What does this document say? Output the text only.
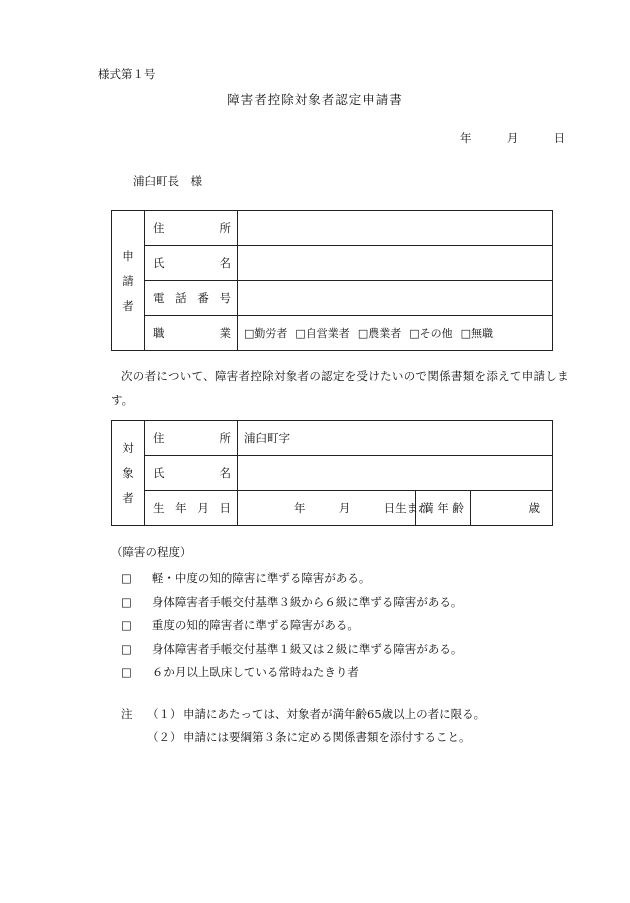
様式第１号
障害者控除対象者認定申請書
年	月	日
浦臼町長　様
申
請
者	住 所	

	氏 名	

	電 話 番 号	

	職 業	□勤労者 □自営業者 □農業者 □その他 □無職
次の者について、障害者控除対象者の認定を受けたいので関係書類を添えて申請しま
す。
対
象
者	住 所	浦臼町字		

	氏 名			

	生 年 月 日	年 月 日生まれ	満 年 齢	歳
（障害の程度）
□ 軽・中度の知的障害に準ずる障害がある。
□ 身体障害者手帳交付基準３級から６級に準ずる障害がある。
□ 重度の知的障害者に準ずる障害がある。
□ 身体障害者手帳交付基準１級又は２級に準ずる障害がある。
□ ６か月以上臥床している常時ねたきり者
注 （１） 申請にあたっては、対象者が満年齢65歳以上の者に限る。
（２） 申請には要綱第３条に定める関係書類を添付すること。
